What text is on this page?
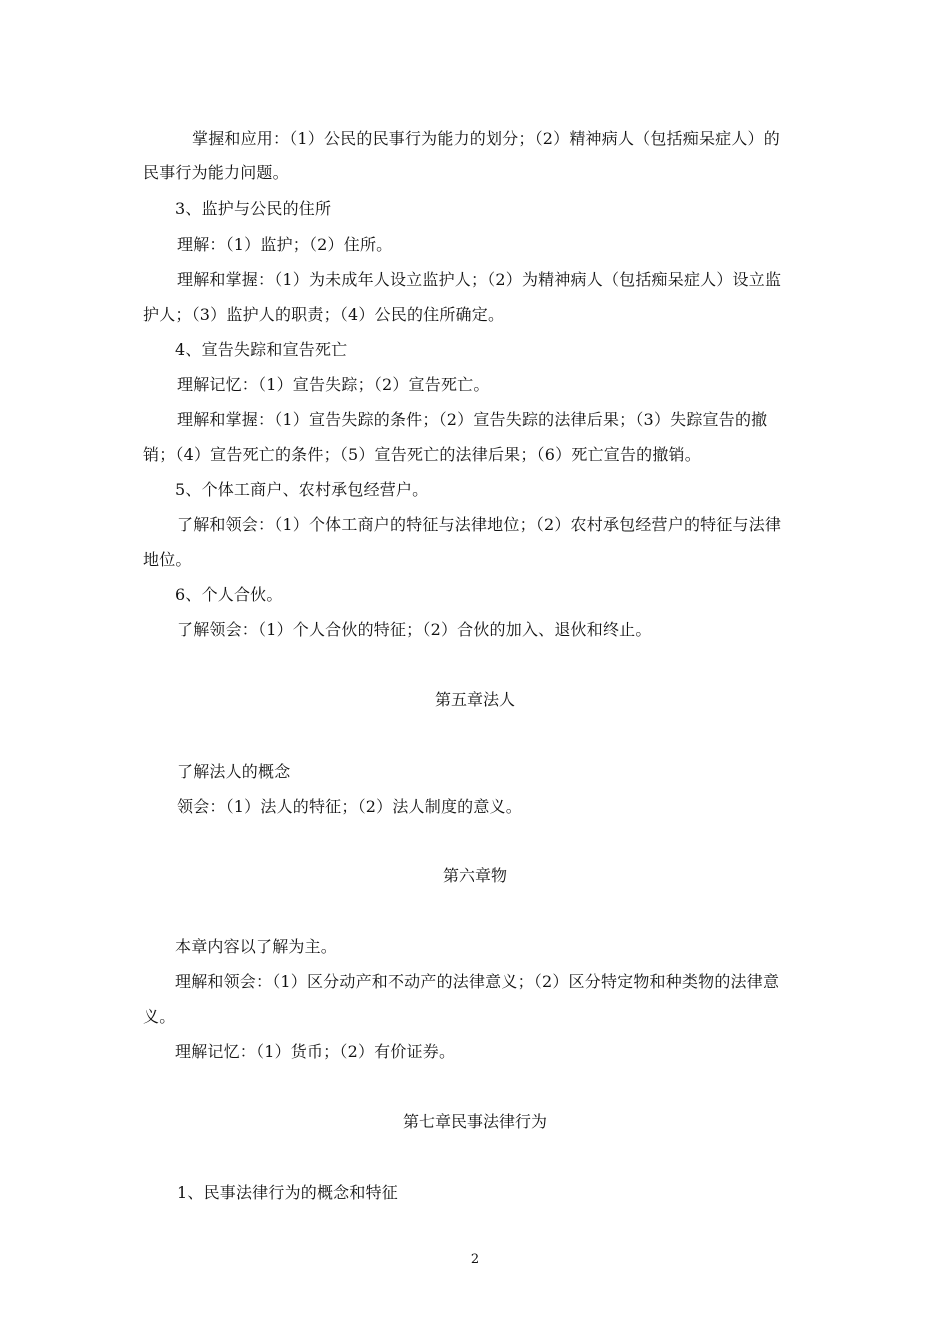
掌握和应用：（1）公民的民事行为能力的划分；（2）精神病人（包括痴呆症人）的
民事行为能力问题。
3、监护与公民的住所
理解：（1）监护；（2）住所。
理解和掌握：（1）为未成年人设立监护人；（2）为精神病人（包括痴呆症人）设立监
护人；（3）监护人的职责；（4）公民的住所确定。
4、宣告失踪和宣告死亡
理解记忆：（1）宣告失踪；（2）宣告死亡。
理解和掌握：（1）宣告失踪的条件；（2）宣告失踪的法律后果；（3）失踪宣告的撤
销；（4）宣告死亡的条件；（5）宣告死亡的法律后果；（6）死亡宣告的撤销。
5、个体工商户、农村承包经营户。
了解和领会：（1）个体工商户的特征与法律地位；（2）农村承包经营户的特征与法律
地位。
6、个人合伙。
了解领会：（1）个人合伙的特征；（2）合伙的加入、退伙和终止。
第五章法人
了解法人的概念
领会：（1）法人的特征；（2）法人制度的意义。
第六章物
本章内容以了解为主。
理解和领会：（1）区分动产和不动产的法律意义；（2）区分特定物和种类物的法律意
义。
理解记忆：（1）货币；（2）有价证券。
第七章民事法律行为
1、民事法律行为的概念和特征
2
